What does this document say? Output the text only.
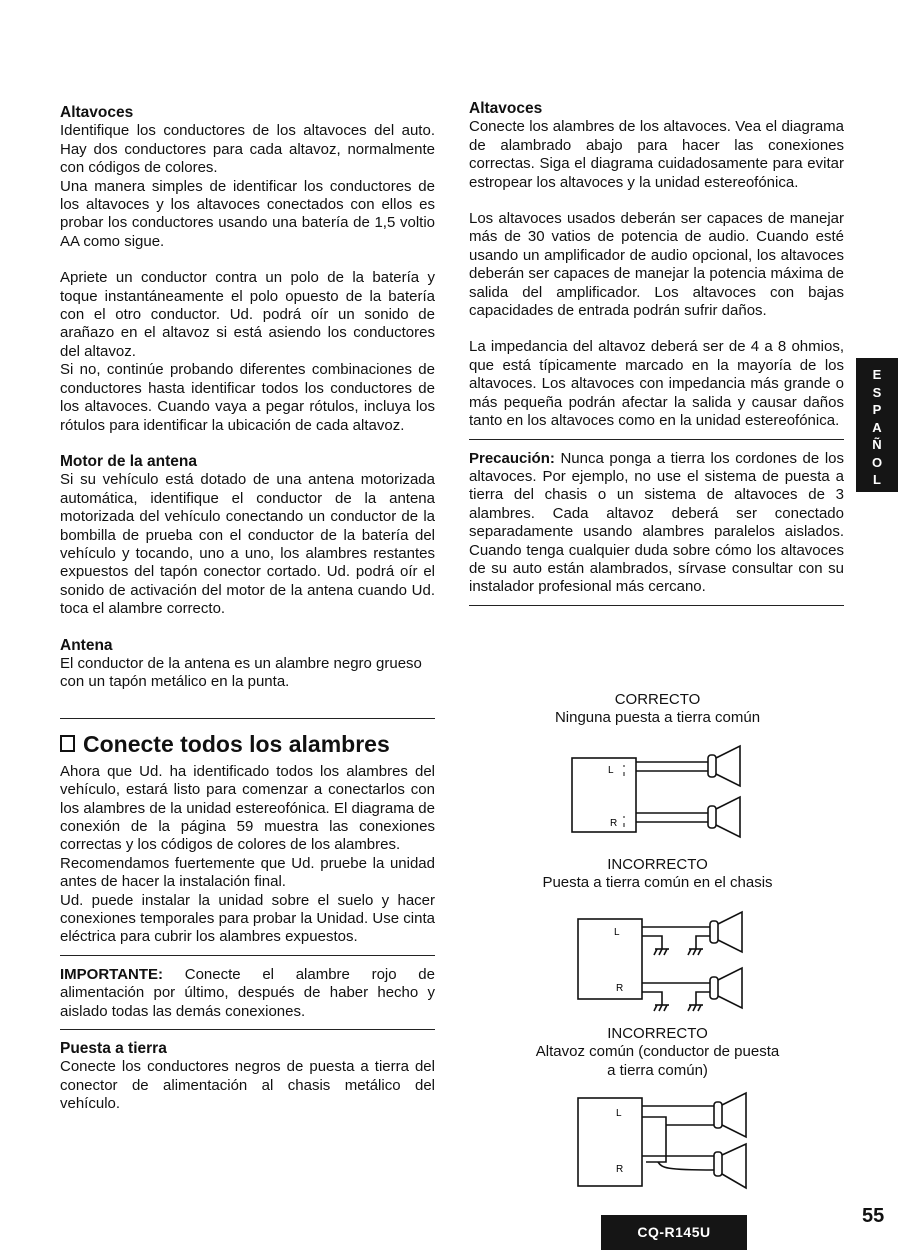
Altavoces

Identifique los conductores de los altavoces del auto. Hay dos conductores para cada altavoz, normalmente con códigos de colores.

Una manera simples de identificar los conductores de los altavoces y los altavoces conectados con ellos es probar los conductores usando una batería de 1,5 voltio AA como sigue.

Apriete un conductor contra un polo de la batería y toque instantáneamente el polo opuesto de la batería con el otro conductor. Ud. podrá oír un sonido de arañazo en el altavoz si está asiendo los conductores del altavoz.

Si no, continúe probando diferentes combinaciones de conductores hasta identificar todos los conductores de los altavoces. Cuando vaya a pegar rótulos, incluya los rótulos para identificar la ubicación de cada altavoz.

Motor de la antena

Si su vehículo está dotado de una antena motorizada automática, identifique el conductor de la antena motorizada del vehículo conectando un conductor de la bombilla de prueba con el conductor de la batería del vehículo y tocando, uno a uno, los alambres restantes expuestos del tapón conector cortado. Ud. podrá oír el sonido de activación del motor de la antena cuando Ud. toca el alambre correcto.

Antena

El conductor de la antena es un alambre negro grueso con un tapón metálico en la punta.

Conecte todos los alambres

Ahora que Ud. ha identificado todos los alambres del vehículo, estará listo para comenzar a conectarlos con los alambres de la unidad estereofónica. El diagrama de conexión de la página 59 muestra las conexiones correctas y los códigos de colores de los alambres.

Recomendamos fuertemente que Ud. pruebe la unidad antes de hacer la instalación final.

Ud. puede instalar la unidad sobre el suelo y hacer conexiones temporales para probar la Unidad. Use cinta eléctrica para cubrir los alambres expuestos.

IMPORTANTE: Conecte el alambre rojo de alimentación por último, después de haber hecho y aislado todas las demás conexiones.

Puesta a tierra

Conecte los conductores negros de puesta a tierra del conector de alimentación al chasis metálico del vehículo.

Altavoces

Conecte los alambres de los altavoces. Vea el diagrama de alambrado abajo para hacer las conexiones correctas. Siga el diagrama cuidadosamente para evitar estropear los altavoces y la unidad estereofónica.

Los altavoces usados deberán ser capaces de manejar más de 30 vatios de potencia de audio. Cuando esté usando un amplificador de audio opcional, los altavoces deberán ser capaces de manejar la potencia máxima de salida del amplificador. Los altavoces con bajas capacidades de entrada podrán sufrir daños.

La impedancia del altavoz deberá ser de 4 a 8 ohmios, que está típicamente marcado en la mayoría de los altavoces. Los altavoces con impedancia más grande o más pequeña podrán afectar la salida y causar daños tanto en los altavoces como en la unidad estereofónica.

Precaución: Nunca ponga a tierra los cordones de los altavoces. Por ejemplo, no use el sistema de puesta a tierra del chasis o un sistema de altavoces de 3 alambres. Cada altavoz deberá ser conectado separadamente usando alambres paralelos aislados. Cuando tenga cualquier duda sobre cómo los altavoces de su auto están alambrados, sírvase consultar con su instalador profesional más cercano.

CORRECTO
Ninguna puesta a tierra común
L
R
INCORRECTO
Puesta a tierra común en el chasis
L
R
INCORRECTO
Altavoz común (conductor de puesta
a tierra común)
L
R
E
S
P
A
Ñ
O
L
CQ-R145U
55
